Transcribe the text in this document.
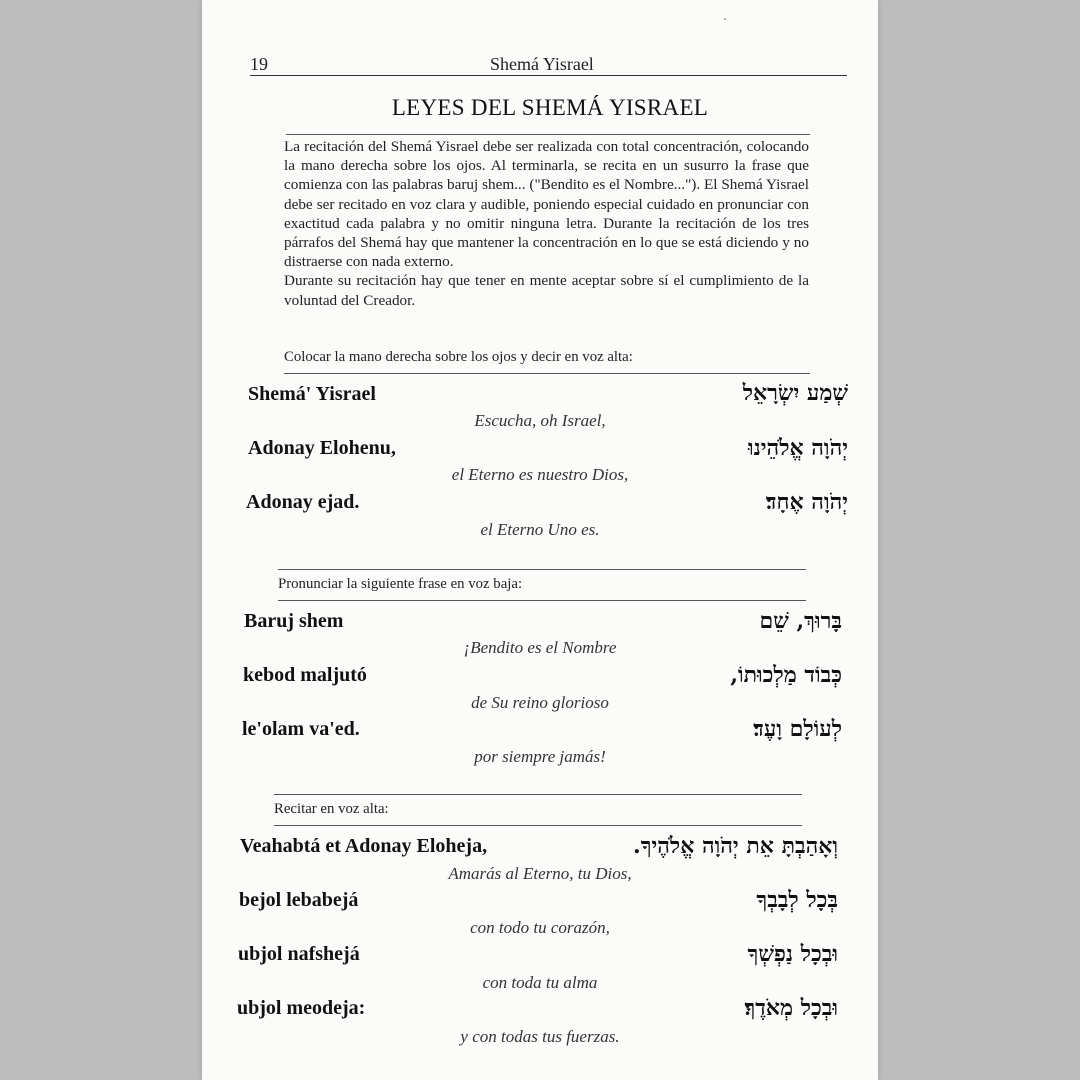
19	Shemá Yisrael
LEYES DEL SHEMÁ YISRAEL

La recitación del Shemá Yisrael debe ser realizada con total concentración, colocando la mano derecha sobre los ojos. Al terminarla, se recita en un susurro la frase que comienza con las palabras baruj shem... ("Bendito es el Nombre..."). El Shemá Yisrael debe ser recitado en voz clara y audible, poniendo especial cuidado en pronunciar con exactitud cada palabra y no omitir ninguna letra. Durante la recitación de los tres párrafos del Shemá hay que mantener la concentración en lo que se está diciendo y no distraerse con nada externo.

Durante su recitación hay que tener en mente aceptar sobre sí el cumplimiento de la voluntad del Creador.

Colocar la mano derecha sobre los ojos y decir en voz alta:
Shemá' Yisrael	שְׁמַע יִשְׂרָאֵל
Escucha, oh Israel,
Adonay Elohenu,	יְהֹוָה אֱלֹהֵינוּ
el Eterno es nuestro Dios,
Adonay ejad.	יְהֹוָה אֶחָד׃
el Eterno Uno es.
Pronunciar la siguiente frase en voz baja:
Baruj shem	בָּרוּךְ, שֵׁם
¡Bendito es el Nombre
kebod maljutó	כְּבוֹד מַלְכוּתוֹ,
de Su reino glorioso
le'olam va'ed.	לְעוֹלָם וָעֶד׃
por siempre jamás!
Recitar en voz alta:
Veahabtá et Adonay Eloheja,	וְאָהַבְתָּ אֵת יְהֹוָה אֱלֹהֶיךָ.
Amarás al Eterno, tu Dios,
bejol lebabejá	בְּכָל לְבָבְךָ
con todo tu corazón,
ubjol nafshejá	וּבְכָל נַפְשְׁךָ
con toda tu alma
ubjol meodeja:	וּבְכָל מְאֹדֶךָ׃
y con todas tus fuerzas.
